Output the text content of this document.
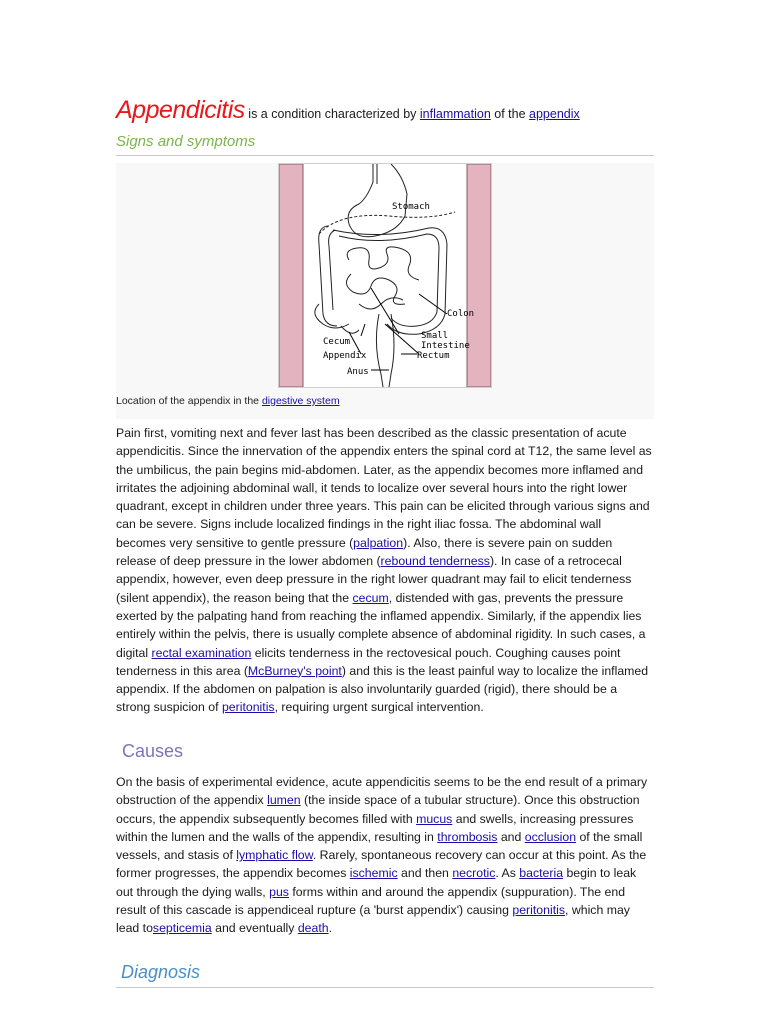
Appendicitis is a condition characterized by inflammation of the appendix
Signs and symptoms
Stomach
Colon
Cecum
Appendix
Small
Intestine
Rectum
Anus
Location of the appendix in the digestive system
Pain first, vomiting next and fever last has been described as the classic presentation of acute appendicitis. Since the innervation of the appendix enters the spinal cord at T12, the same level as the umbilicus, the pain begins mid-abdomen. Later, as the appendix becomes more inflamed and irritates the adjoining abdominal wall, it tends to localize over several hours into the right lower quadrant, except in children under three years. This pain can be elicited through various signs and can be severe. Signs include localized findings in the right iliac fossa. The abdominal wall becomes very sensitive to gentle pressure (palpation). Also, there is severe pain on sudden release of deep pressure in the lower abdomen (rebound tenderness). In case of a retrocecal appendix, however, even deep pressure in the right lower quadrant may fail to elicit tenderness (silent appendix), the reason being that the cecum, distended with gas, prevents the pressure exerted by the palpating hand from reaching the inflamed appendix. Similarly, if the appendix lies entirely within the pelvis, there is usually complete absence of abdominal rigidity. In such cases, a digital rectal examination elicits tenderness in the rectovesical pouch. Coughing causes point tenderness in this area (McBurney's point) and this is the least painful way to localize the inflamed appendix. If the abdomen on palpation is also involuntarily guarded (rigid), there should be a strong suspicion of peritonitis, requiring urgent surgical intervention.
Causes
On the basis of experimental evidence, acute appendicitis seems to be the end result of a primary obstruction of the appendix lumen (the inside space of a tubular structure). Once this obstruction occurs, the appendix subsequently becomes filled with mucus and swells, increasing pressures within the lumen and the walls of the appendix, resulting in thrombosis and occlusion of the small vessels, and stasis of lymphatic flow. Rarely, spontaneous recovery can occur at this point. As the former progresses, the appendix becomes ischemic and then necrotic. As bacteria begin to leak out through the dying walls, pus forms within and around the appendix (suppuration). The end result of this cascade is appendiceal rupture (a 'burst appendix') causing peritonitis, which may lead tosepticemia and eventually death.
Diagnosis
